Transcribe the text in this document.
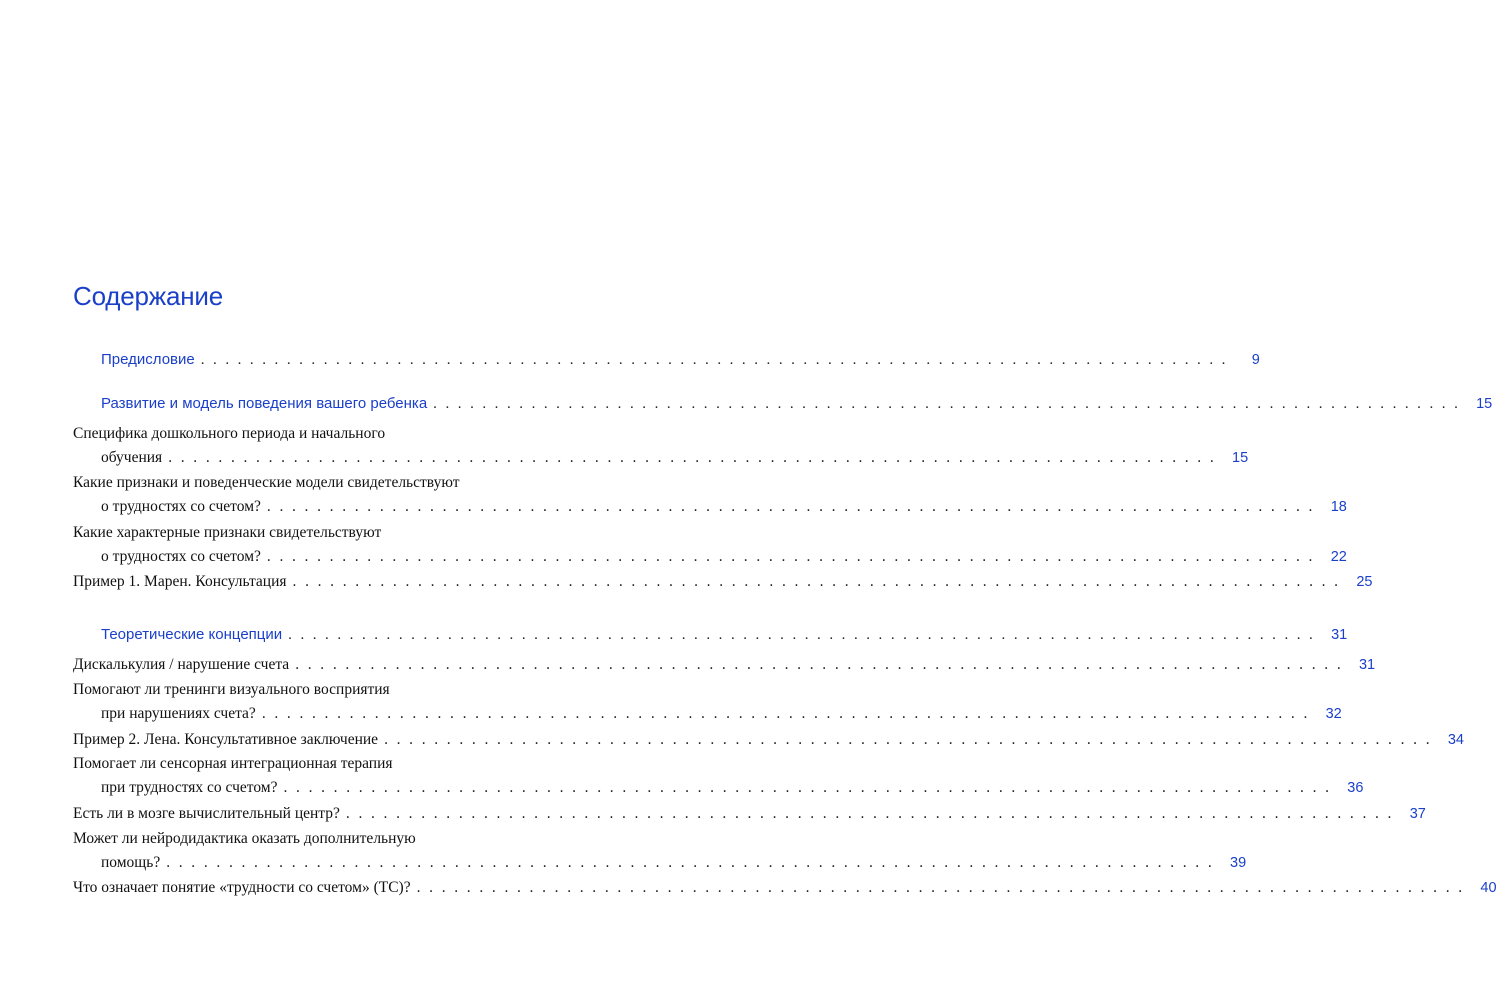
Содержание
Предисловие . . . . . . . . . . . . . . . . . . . . . . . . . . . . . . . . . . . . . . . . . . . . . . . . . . . . . . . . . . . . . . . . . . . . . . . . . . . . . . . . . . . .	9
Развитие и модель поведения вашего ребенка . . . . . . . . . . . . . . . . . . . . . . . . . . . . . . . . . . . . . . . . . . . . . . . . . . . . . . . . . . . . . . . . . . . . . . . . . . . . . . . . . . . . 15
Специфика дошкольного периода и начального
обучения . . . . . . . . . . . . . . . . . . . . . . . . . . . . . . . . . . . . . . . . . . . . . . . . . . . . . . . . . . . . . . . . . . . . . . . . . . . . . . . . . . . . 15
Какие признаки и поведенческие модели свидетельствуют
о трудностях со счетом? . . . . . . . . . . . . . . . . . . . . . . . . . . . . . . . . . . . . . . . . . . . . . . . . . . . . . . . . . . . . . . . . . . . . . . . . . . . . . . . . . . . . 18
Какие характерные признаки свидетельствуют
о трудностях со счетом? . . . . . . . . . . . . . . . . . . . . . . . . . . . . . . . . . . . . . . . . . . . . . . . . . . . . . . . . . . . . . . . . . . . . . . . . . . . . . . . . . . . . 22
Пример 1. Марен. Консультация . . . . . . . . . . . . . . . . . . . . . . . . . . . . . . . . . . . . . . . . . . . . . . . . . . . . . . . . . . . . . . . . . . . . . . . . . . . . . . . . . . . . 25
Теоретические концепции . . . . . . . . . . . . . . . . . . . . . . . . . . . . . . . . . . . . . . . . . . . . . . . . . . . . . . . . . . . . . . . . . . . . . . . . . . . . . . . . . . . . 31
Дискалькулия / нарушение счета . . . . . . . . . . . . . . . . . . . . . . . . . . . . . . . . . . . . . . . . . . . . . . . . . . . . . . . . . . . . . . . . . . . . . . . . . . . . . . . . . . . . 31
Помогают ли тренинги визуального восприятия
при нарушениях счета? . . . . . . . . . . . . . . . . . . . . . . . . . . . . . . . . . . . . . . . . . . . . . . . . . . . . . . . . . . . . . . . . . . . . . . . . . . . . . . . . . . . . 32
Пример 2. Лена. Консультативное заключение . . . . . . . . . . . . . . . . . . . . . . . . . . . . . . . . . . . . . . . . . . . . . . . . . . . . . . . . . . . . . . . . . . . . . . . . . . . . . . . . . . . . 34
Помогает ли сенсорная интеграционная терапия
при трудностях со счетом? . . . . . . . . . . . . . . . . . . . . . . . . . . . . . . . . . . . . . . . . . . . . . . . . . . . . . . . . . . . . . . . . . . . . . . . . . . . . . . . . . . . . 36
Есть ли в мозге вычислительный центр? . . . . . . . . . . . . . . . . . . . . . . . . . . . . . . . . . . . . . . . . . . . . . . . . . . . . . . . . . . . . . . . . . . . . . . . . . . . . . . . . . . . . 37
Может ли нейродидактика оказать дополнительную
помощь? . . . . . . . . . . . . . . . . . . . . . . . . . . . . . . . . . . . . . . . . . . . . . . . . . . . . . . . . . . . . . . . . . . . . . . . . . . . . . . . . . . . . 39
Что означает понятие «трудности со счетом» (ТС)? . . . . . . . . . . . . . . . . . . . . . . . . . . . . . . . . . . . . . . . . . . . . . . . . . . . . . . . . . . . . . . . . . . . . . . . . . . . . . . . . . . . . 40
